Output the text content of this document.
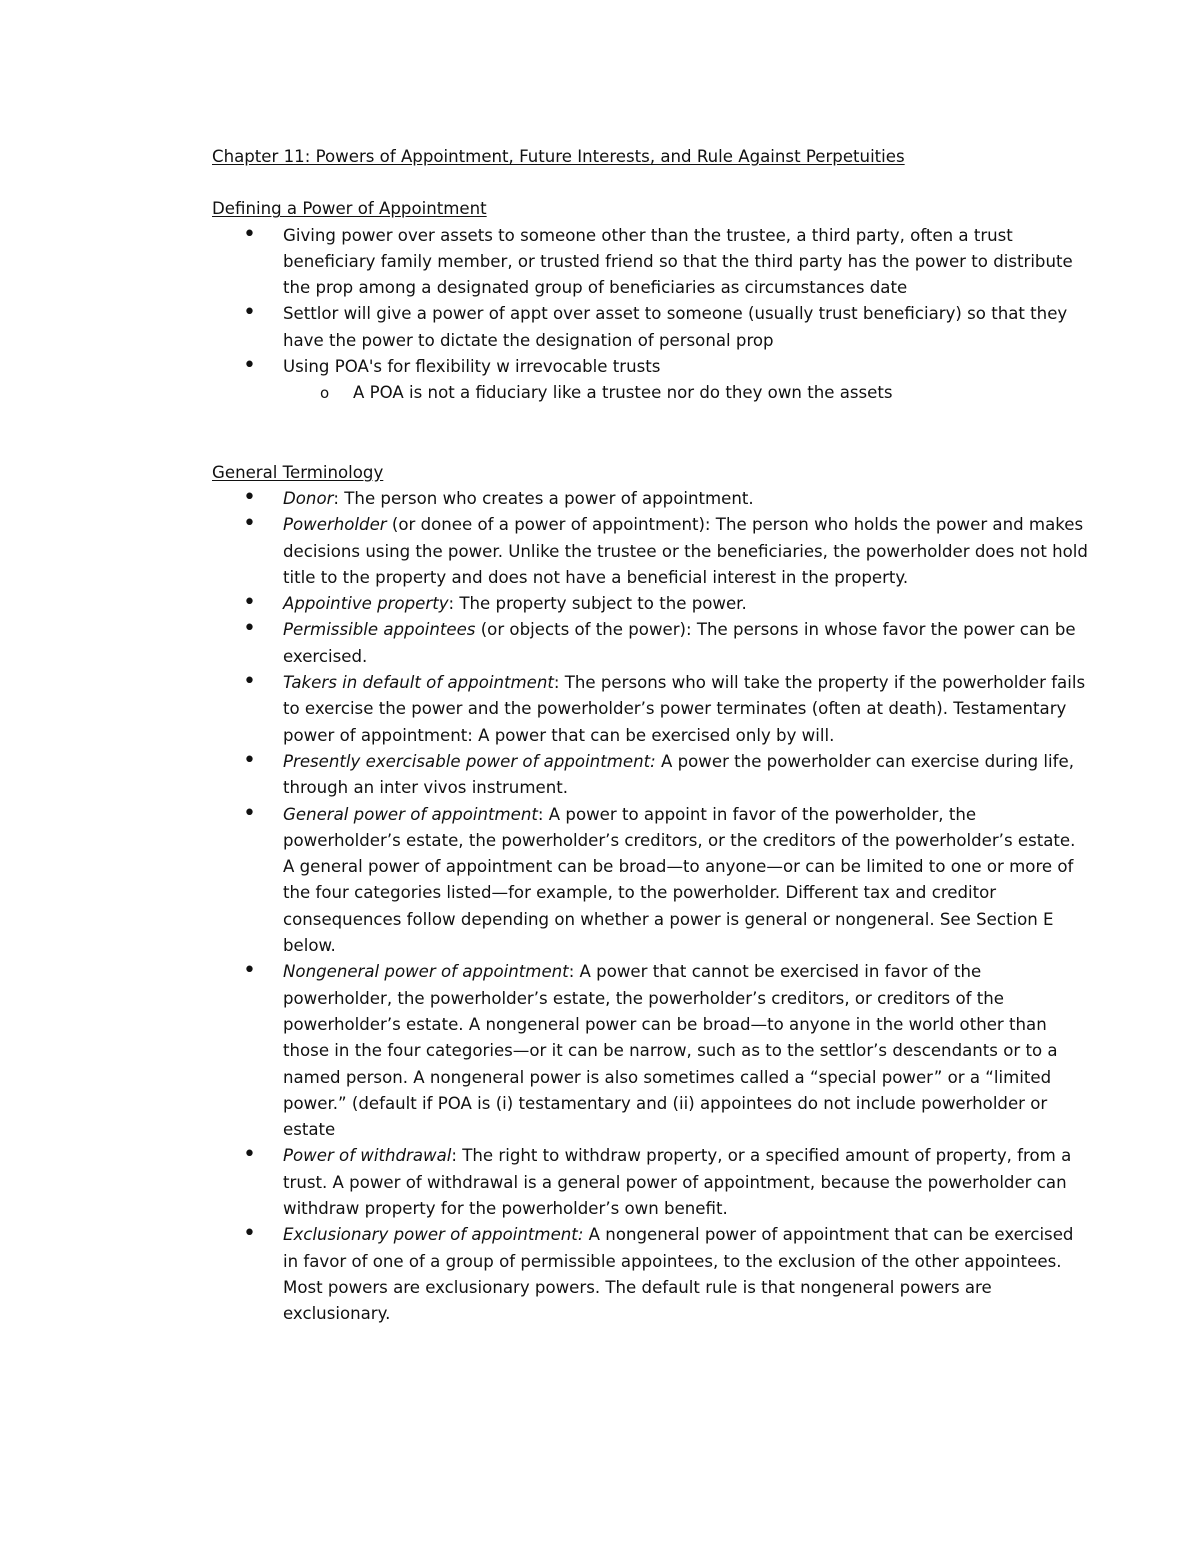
Chapter 11: Powers of Appointment, Future Interests, and Rule Against Perpetuities

Defining a Power of Appointment

• Giving power over assets to someone other than the trustee, a third party, often a trust beneficiary family member, or trusted friend so that the third party has the power to distribute the prop among a designated group of beneficiaries as circumstances date
• Settlor will give a power of appt over asset to someone (usually trust beneficiary) so that they have the power to dictate the designation of personal prop
• Using POA's for flexibility w irrevocable trusts
o A POA is not a fiduciary like a trustee nor do they own the assets

General Terminology

• Donor: The person who creates a power of appointment.
• Powerholder (or donee of a power of appointment): The person who holds the power and makes decisions using the power. Unlike the trustee or the beneficiaries, the powerholder does not hold title to the property and does not have a beneficial interest in the property.
• Appointive property: The property subject to the power.
• Permissible appointees (or objects of the power): The persons in whose favor the power can be exercised.
• Takers in default of appointment: The persons who will take the property if the powerholder fails to exercise the power and the powerholder’s power terminates (often at death). Testamentary power of appointment: A power that can be exercised only by will.
• Presently exercisable power of appointment: A power the powerholder can exercise during life, through an inter vivos instrument.
• General power of appointment: A power to appoint in favor of the powerholder, the powerholder’s estate, the powerholder’s creditors, or the creditors of the powerholder’s estate. A general power of appointment can be broad—to anyone—or can be limited to one or more of the four categories listed—for example, to the powerholder. Different tax and creditor consequences follow depending on whether a power is general or nongeneral. See Section E below.
• Nongeneral power of appointment: A power that cannot be exercised in favor of the powerholder, the powerholder’s estate, the powerholder’s creditors, or creditors of the powerholder’s estate. A nongeneral power can be broad—to anyone in the world other than those in the four categories—or it can be narrow, such as to the settlor’s descendants or to a named person. A nongeneral power is also sometimes called a “special power” or a “limited power.” (default if POA is (i) testamentary and (ii) appointees do not include powerholder or estate
• Power of withdrawal: The right to withdraw property, or a specified amount of property, from a trust. A power of withdrawal is a general power of appointment, because the powerholder can withdraw property for the powerholder’s own benefit.
• Exclusionary power of appointment: A nongeneral power of appointment that can be exercised in favor of one of a group of permissible appointees, to the exclusion of the other appointees. Most powers are exclusionary powers. The default rule is that nongeneral powers are exclusionary.
